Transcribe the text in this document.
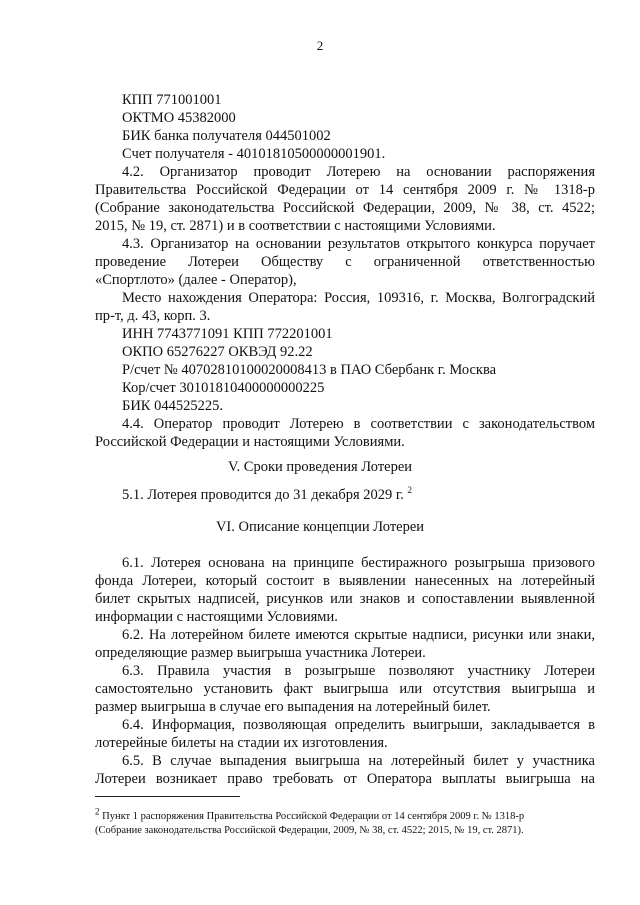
2
КПП 771001001
ОКТМО 45382000
БИК банка получателя 044501002
Счет получателя - 40101810500000001901.
4.2. Организатор проводит Лотерею на основании распоряжения
Правительства Российской Федерации от 14 сентября 2009 г. № 1318-р
(Собрание законодательства Российской Федерации, 2009, № 38, ст. 4522;
2015, № 19, ст. 2871) и в соответствии с настоящими Условиями.
4.3. Организатор на основании результатов открытого конкурса поручает
проведение Лотереи Обществу с ограниченной ответственностью
«Спортлото» (далее - Оператор),
Место нахождения Оператора: Россия, 109316, г. Москва, Волгоградский
пр-т, д. 43, корп. 3.
ИНН 7743771091 КПП 772201001
ОКПО 65276227 ОКВЭД 92.22
Р/счет № 40702810100020008413 в ПАО Сбербанк г. Москва
Кор/счет 30101810400000000225
БИК 044525225.
4.4. Оператор проводит Лотерею в соответствии с законодательством
Российской Федерации и настоящими Условиями.
V. Сроки проведения Лотереи
5.1. Лотерея проводится до 31 декабря 2029 г. $^2$
VI. Описание концепции Лотереи
6.1. Лотерея основана на принципе бестиражного розыгрыша призового
фонда Лотереи, который состоит в выявлении нанесенных на лотерейный
билет скрытых надписей, рисунков или знаков и сопоставлении выявленной
информации с настоящими Условиями.
6.2. На лотерейном билете имеются скрытые надписи, рисунки или знаки,
определяющие размер выигрыша участника Лотереи.
6.3. Правила участия в розыгрыше позволяют участнику Лотереи
самостоятельно установить факт выигрыша или отсутствия выигрыша и
размер выигрыша в случае его выпадения на лотерейный билет.
6.4. Информация, позволяющая определить выигрыши, закладывается в
лотерейные билеты на стадии их изготовления.
6.5. В случае выпадения выигрыша на лотерейный билет у участника
Лотереи возникает право требовать от Оператора выплаты выигрыша на
$^2$ Пункт 1 распоряжения Правительства Российской Федерации от 14 сентября 2009 г. № 1318-р
(Собрание законодательства Российской Федерации, 2009, № 38, ст. 4522; 2015, № 19, ст. 2871).
